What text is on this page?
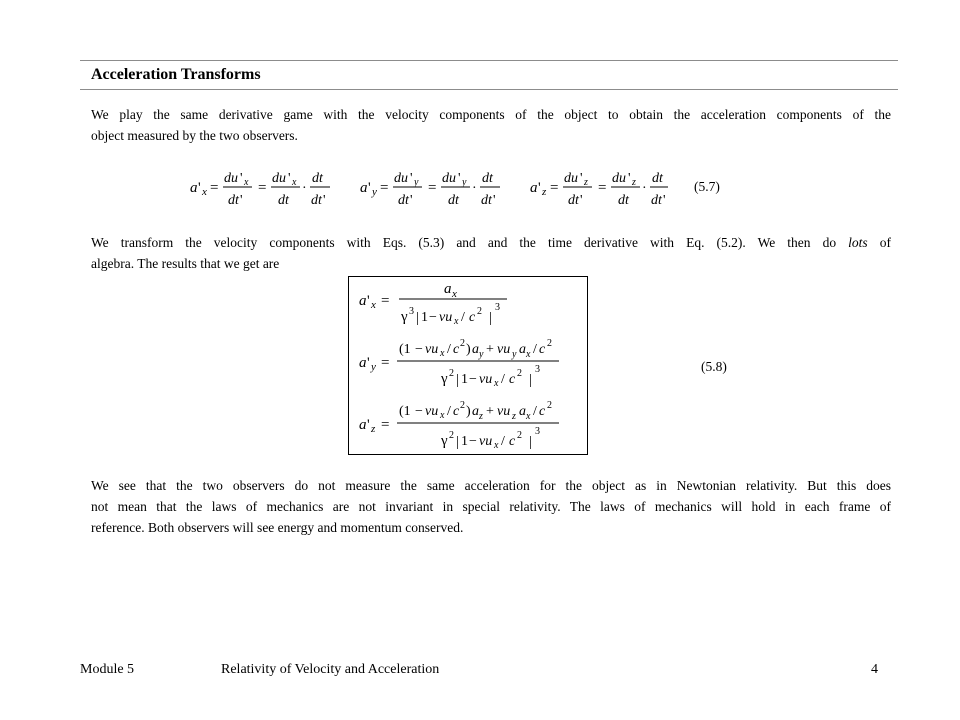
Acceleration Transforms

We play the same derivative game with the velocity components of the object to obtain the acceleration components of the
object measured by the two observers.

a ' x =
du ' x
dt '
=
du ' x
dt
·
dt
dt '
a ' y =
du ' y
dt '
=
du ' y
dt
·
dt
dt '
a ' z =
du ' z
dt '
=
du ' z
dt
·
dt
dt '
(5.7)

We transform the velocity components with Eqs. (5.3) and and the time derivative with Eq. (5.2). We then do lots of
algebra. The results that we get are

a ' x =
a x
γ 3 | 1 − vu x / c 2 |
3
a ' y =
(1 − vu x / c 2 ) a y + vu y a x / c 2
γ 2 | 1 − vu x / c 2 |
3
a ' z =
(1 − vu x / c 2 ) a z + vu z a x / c 2
γ 2 | 1 − vu x / c 2 |
3
(5.8)

We see that the two observers do not measure the same acceleration for the object as in Newtonian relativity. But this does
not mean that the laws of mechanics are not invariant in special relativity. The laws of mechanics will hold in each frame of
reference. Both observers will see energy and momentum conserved.

Module 5	Relativity of Velocity and Acceleration	4
